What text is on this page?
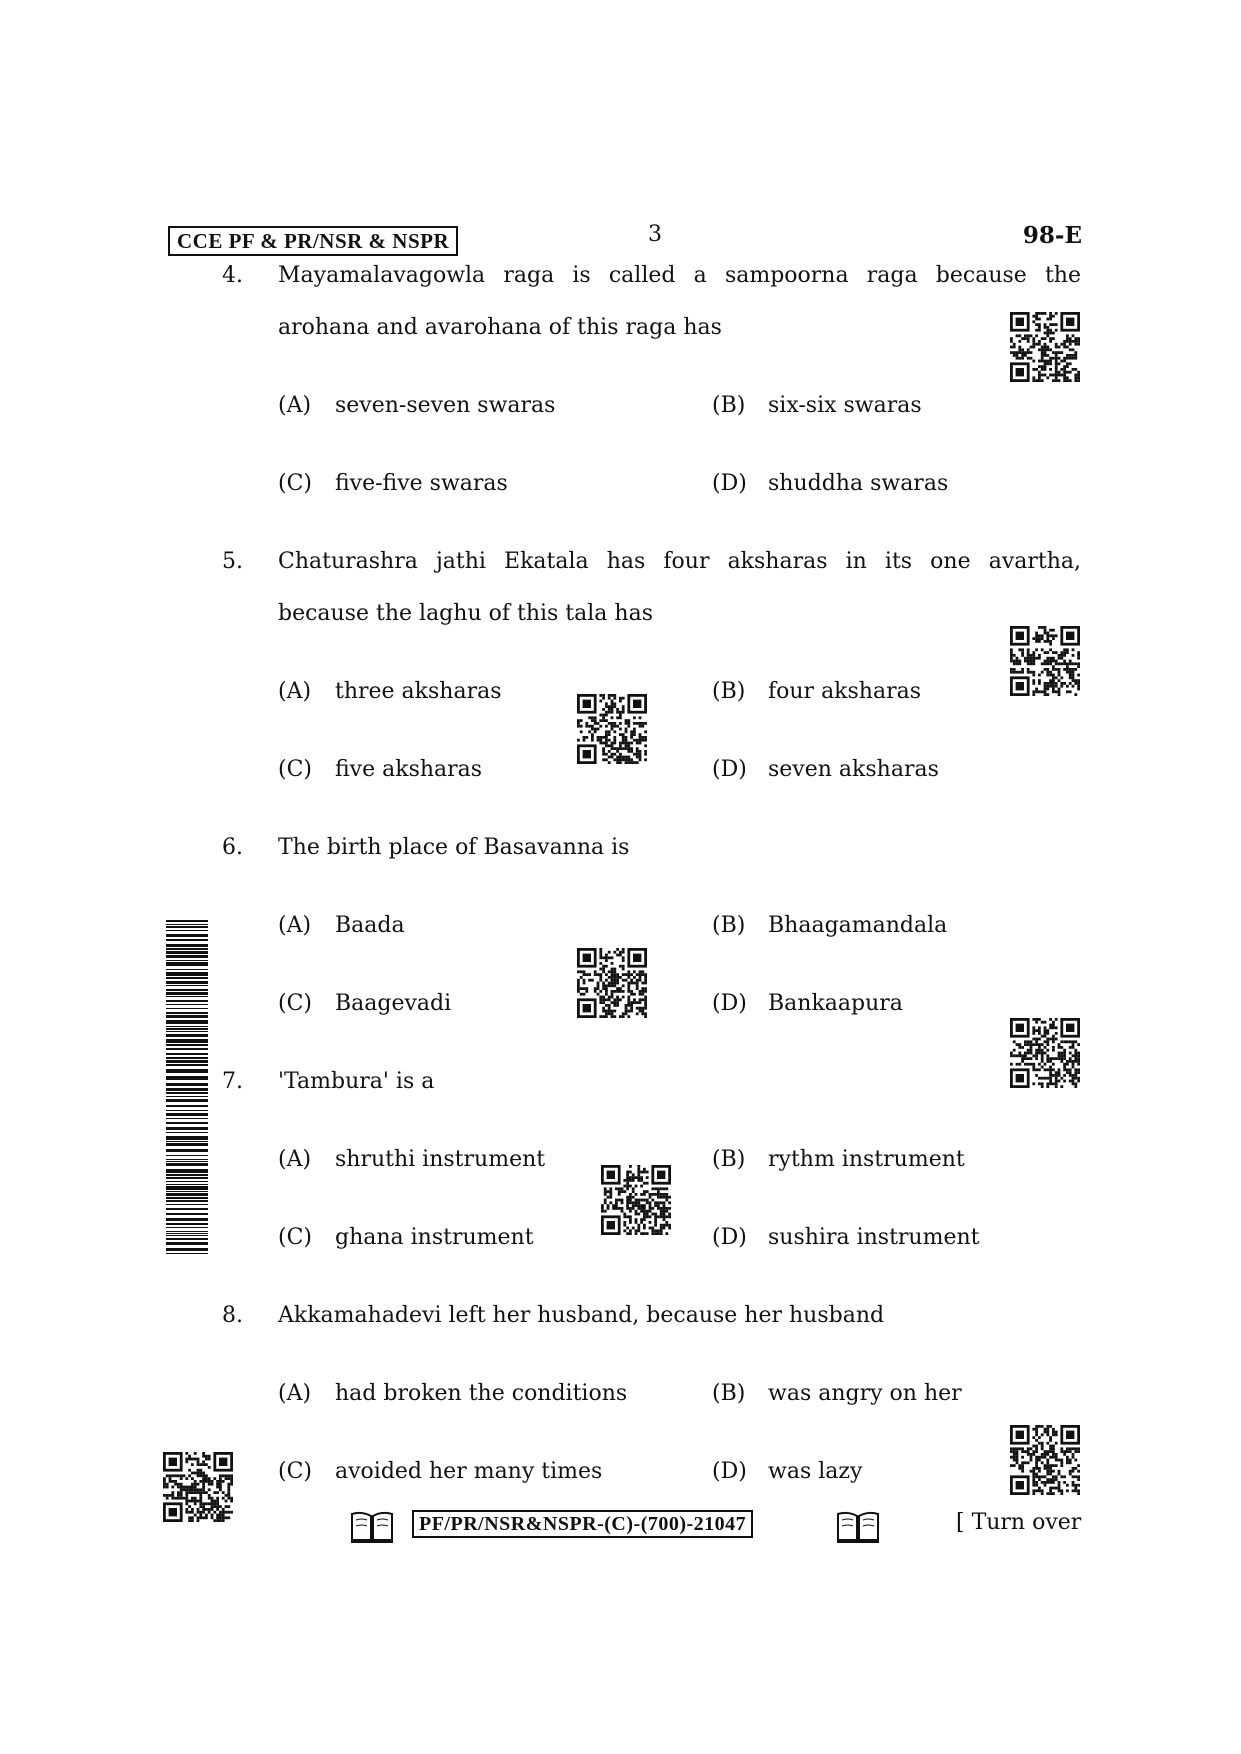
CCE PF & PR/NSR & NSPR	3	98-E
4. Mayamalavagowla raga is called a sampoorna raga because the
arohana and avarohana of this raga has
(A) seven-seven swaras	(B) six-six swaras
(C) five-five swaras	(D) shuddha swaras
5. Chaturashra jathi Ekatala has four aksharas in its one avartha,
because the laghu of this tala has
(A) three aksharas	(B) four aksharas
(C) five aksharas	(D) seven aksharas
6. The birth place of Basavanna is
(A) Baada	(B) Bhaagamandala
(C) Baagevadi	(D) Bankaapura
7. 'Tambura' is a
(A) shruthi instrument	(B) rythm instrument
(C) ghana instrument	(D) sushira instrument
8. Akkamahadevi left her husband, because her husband
(A) had broken the conditions	(B) was angry on her
(C) avoided her many times	(D) was lazy
PF/PR/NSR&NSPR-(C)-(700)-21047	[ Turn over
